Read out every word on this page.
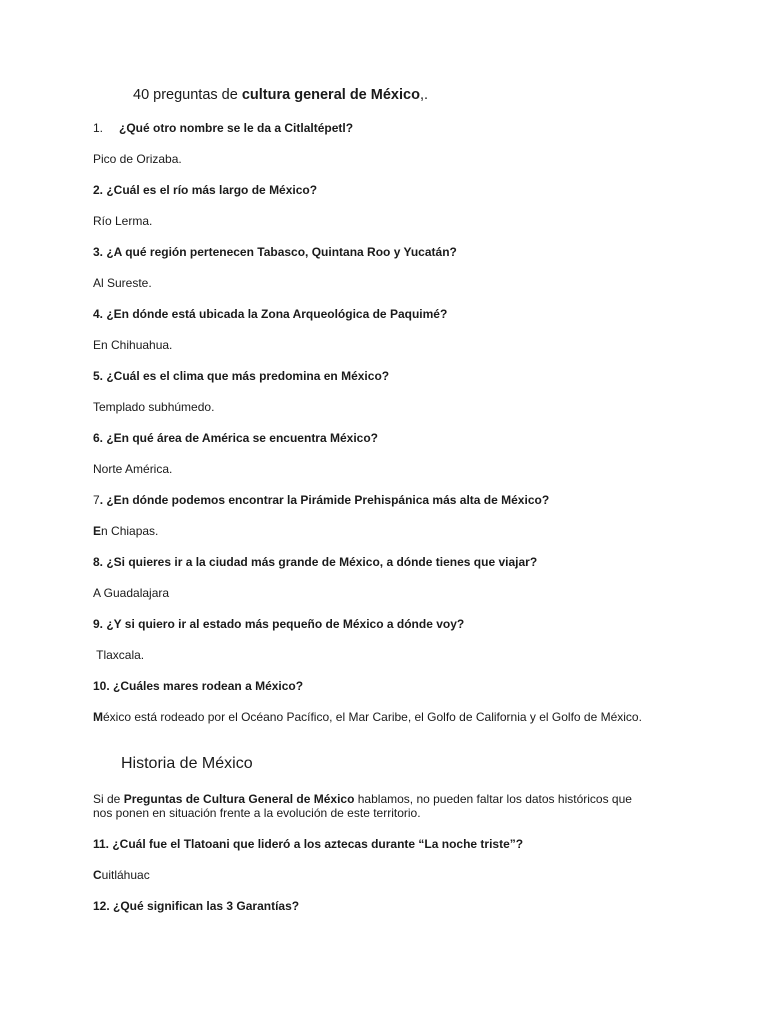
40 preguntas de cultura general de México,.
1. ¿Qué otro nombre se le da a Citlaltépetl?
Pico de Orizaba.
2. ¿Cuál es el río más largo de México?
Río Lerma.
3. ¿A qué región pertenecen Tabasco, Quintana Roo y Yucatán?
Al Sureste.
4. ¿En dónde está ubicada la Zona Arqueológica de Paquimé?
En Chihuahua.
5. ¿Cuál es el clima que más predomina en México?
Templado subhúmedo.
6. ¿En qué área de América se encuentra México?
Norte América.
7. ¿En dónde podemos encontrar la Pirámide Prehispánica más alta de México?
En Chiapas.
8. ¿Si quieres ir a la ciudad más grande de México, a dónde tienes que viajar?
A Guadalajara
9. ¿Y si quiero ir al estado más pequeño de México a dónde voy?
Tlaxcala.
10. ¿Cuáles mares rodean a México?
México está rodeado por el Océano Pacífico, el Mar Caribe, el Golfo de California y el Golfo de México.
Historia de México
Si de Preguntas de Cultura General de México hablamos, no pueden faltar los datos históricos que nos ponen en situación frente a la evolución de este territorio.
11. ¿Cuál fue el Tlatoani que lideró a los aztecas durante “La noche triste”?
Cuitláhuac
12. ¿Qué significan las 3 Garantías?
